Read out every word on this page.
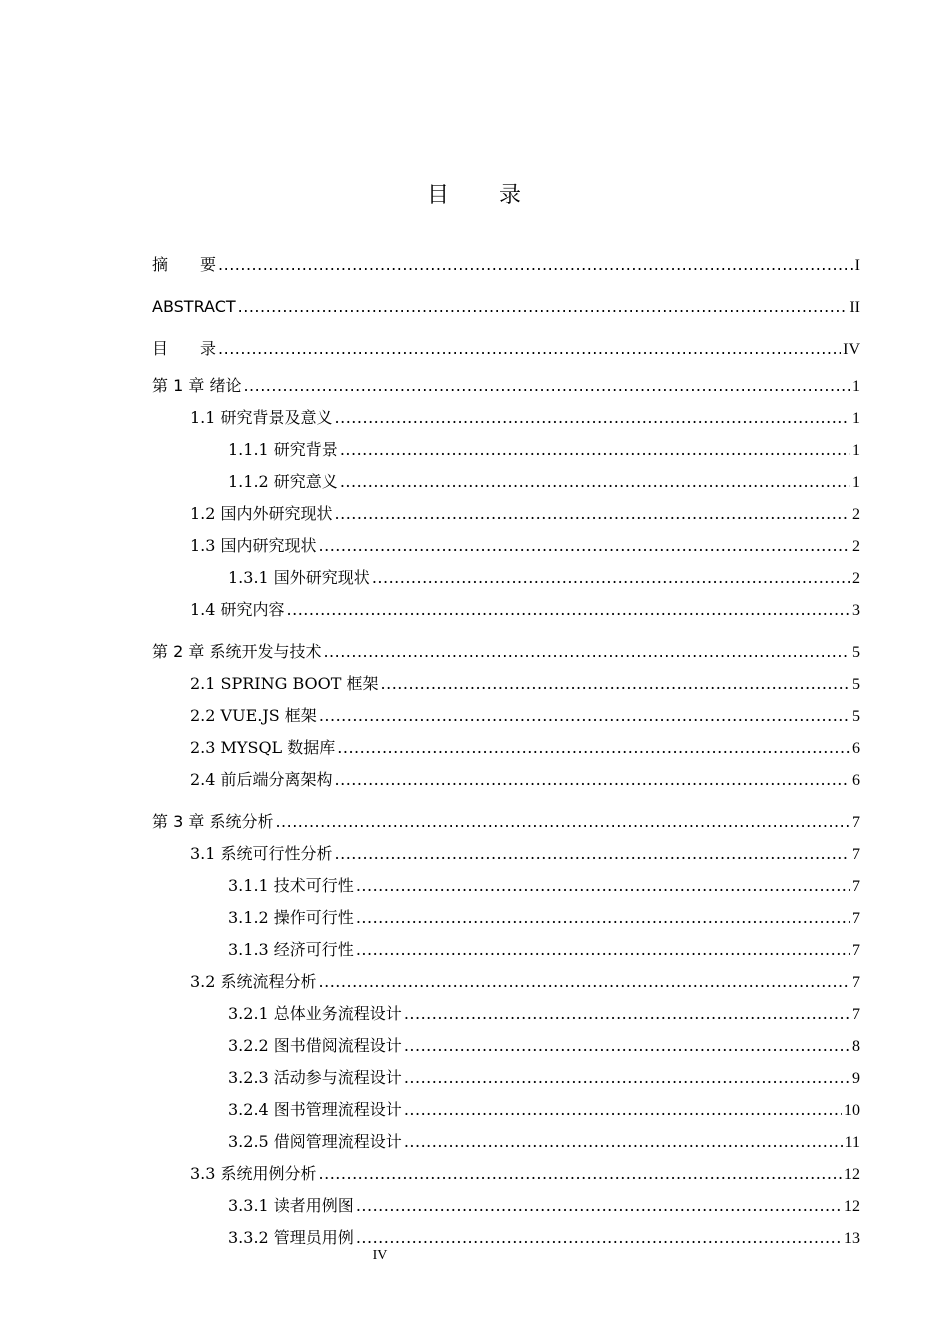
目　　录
摘　　要 .....	I
ABSTRACT .....	II
目　　录 .....	IV
第 1 章 绪论 .....	1
1.1 研究背景及意义 .....	1
1.1.1 研究背景 .....	1
1.1.2 研究意义 .....	1
1.2 国内外研究现状 .....	2
1.3 国内研究现状 .....	2
1.3.1 国外研究现状 .....	2
1.4 研究内容 .....	3
第 2 章 系统开发与技术 .....	5
2.1 SPRING BOOT 框架 .....	5
2.2 VUE.JS 框架 .....	5
2.3 MYSQL 数据库 .....	6
2.4 前后端分离架构 .....	6
第 3 章 系统分析 .....	7
3.1 系统可行性分析 .....	7
3.1.1 技术可行性 .....	7
3.1.2 操作可行性 .....	7
3.1.3 经济可行性 .....	7
3.2 系统流程分析 .....	7
3.2.1 总体业务流程设计 .....	7
3.2.2 图书借阅流程设计 .....	8
3.2.3 活动参与流程设计 .....	9
3.2.4 图书管理流程设计 .....	10
3.2.5 借阅管理流程设计 .....	11
3.3 系统用例分析 .....	12
3.3.1 读者用例图 .....	12
3.3.2 管理员用例 .....	13
IV
